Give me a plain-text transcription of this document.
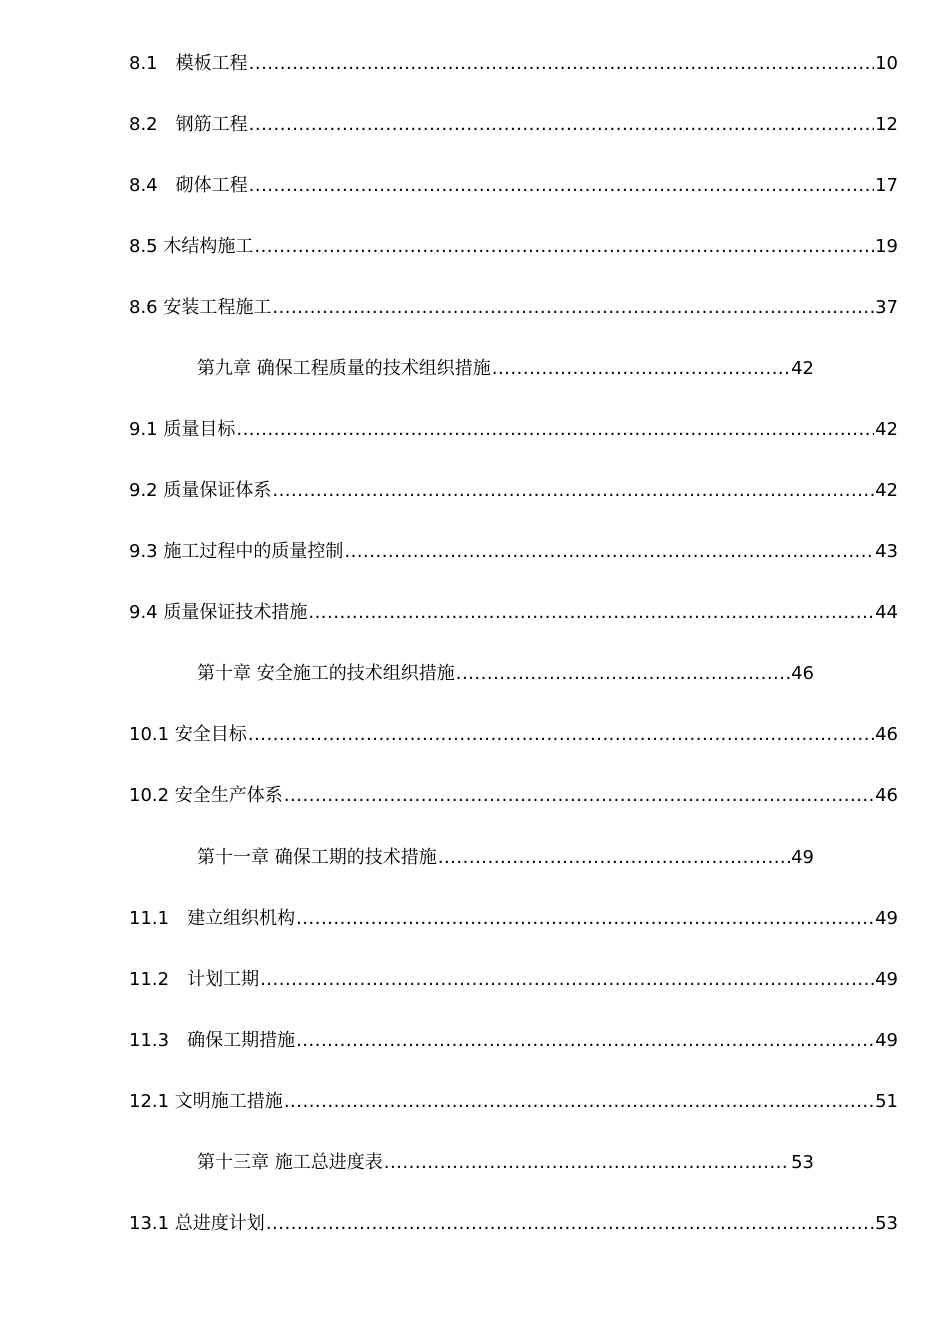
8.1　模板工程 .....	10
8.2　钢筋工程 .....	12
8.4　砌体工程 .....	17
8.5 木结构施工 .....	19
8.6 安装工程施工 .....	37
第九章 确保工程质量的技术组织措施 .....	42
9.1 质量目标 .....	42
9.2 质量保证体系 .....	42
9.3 施工过程中的质量控制 .....	43
9.4 质量保证技术措施 .....	44
第十章 安全施工的技术组织措施 .....	46
10.1 安全目标 .....	46
10.2 安全生产体系 .....	46
第十一章 确保工期的技术措施 .....	49
11.1　建立组织机构 .....	49
11.2　计划工期 .....	49
11.3　确保工期措施 .....	49
12.1 文明施工措施 .....	51
第十三章 施工总进度表 .....	53
13.1 总进度计划 .....	53
